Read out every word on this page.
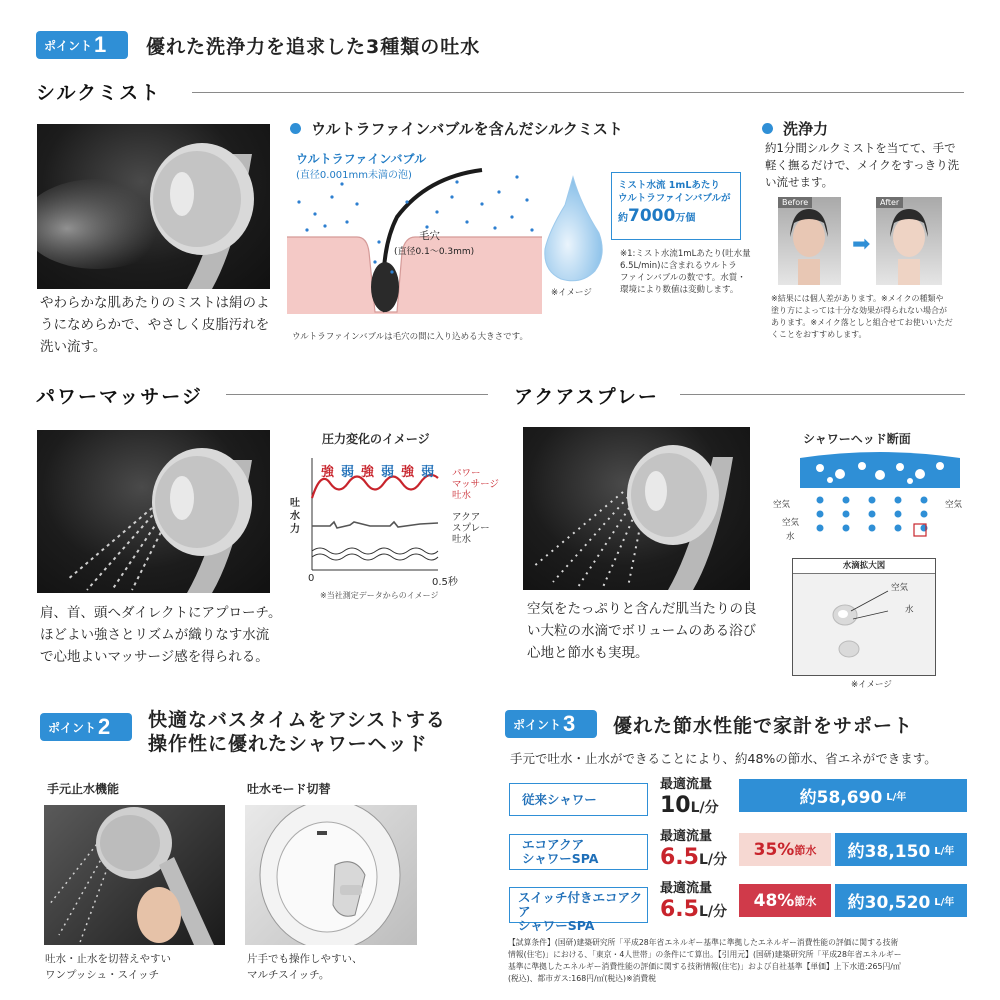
ポイント 1 優れた洗浄力を追求した3種類の吐水
シルクミスト
やわらかな肌あたりのミストは絹のよ
うになめらかで、やさしく皮脂汚れを
洗い流す。
ウルトラファインバブルを含んだシルクミスト
ウルトラファインバブル
(直径0.001mm未満の泡)
毛穴
(直径0.1〜0.3mm)
ウルトラファインバブルは毛穴の間に入り込める大きさです。
※イメージ
ミスト水流 1mLあたり
ウルトラファインバブルが
約7000万個
※1:ミスト水流1mLあたり(吐水量
6.5L/min)に含まれるウルトラ
ファインバブルの数です。水質・
環境により数値は変動します。
洗浄力
約1分間シルクミストを当てて、手で
軽く撫るだけで、メイクをすっきり洗
い流せます。
Before
➡
After
※結果には個人差があります。※メイクの種類や
塗り方によっては十分な効果が得られない場合が
あります。※メイク落としと組合せてお使いいただ
くことをおすすめします。
パワーマッサージ
肩、首、頭へダイレクトにアプローチ。
ほどよい強さとリズムが織りなす水流
で心地よいマッサージ感を得られる。
圧力変化のイメージ
強 弱 強 弱 強 弱
吐水力
パワー
マッサージ
吐水
アクア
スプレー
吐水
0	0.5秒
※当社測定データからのイメージ
アクアスプレー
空気をたっぷりと含んだ肌当たりの良
い大粒の水滴でボリュームのある浴び
心地と節水も実現。
シャワーヘッド断面
空気	空気
空気
水
水滴拡大図
空気
水
※イメージ
ポイント 2 快適なバスタイムをアシストする
操作性に優れたシャワーヘッド
手元止水機能
吐水・止水を切替えやすい
ワンプッシュ・スイッチ
吐水モード切替
片手でも操作しやすい、
マルチスイッチ。
ポイント 3 優れた節水性能で家計をサポート
手元で吐水・止水ができることにより、約48%の節水、省エネができます。
従来シャワー
最適流量
10L/分	約58,690 L/年
エコアクア
シャワーSPA
最適流量
6.5L/分
35% 節水 約38,150 L/年
スイッチ付きエコアクア
シャワーSPA
最適流量
6.5L/分
48% 節水 約30,520 L/年
【試算条件】(国研)建築研究所「平成28年省エネルギー基準に準拠したエネルギー消費性能の評価に関する技術
情報(住宅)」における、「東京・4人世帯」の条件にて算出。【引用元】(国研)建築研究所「平成28年省エネルギー
基準に準拠したエネルギー消費性能の評価に関する技術情報(住宅)」および自社基準【単価】上下水道:265円/㎥
(税込)、都市ガス:168円/㎥(税込)※消費税
